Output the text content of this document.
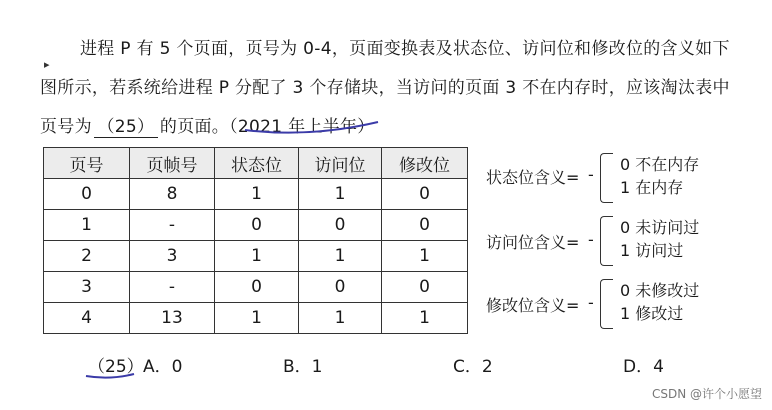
进程 P 有 5 个页面，页号为 0-4，页面变换表及状态位、访问位和修改位的含义如下
图所示，若系统给进程 P 分配了 3 个存储块，当访问的页面 3 不在内存时，应该淘汰表中
页号为 （25） 的页面。（2021 年上半年）
▸
页号	页帧号	状态位	访问位	修改位
0	8	1	1	0
1	-	0	0	0
2	3	1	1	1
3	-	0	0	0
4	13	1	1	1
状态位含义= -
0 不在内存
1 在内存
访问位含义= -
0 未访问过
1 访问过
修改位含义= -
0 未修改过
1 修改过
（25） A．0	B．1	C．2	D．4
CSDN @许个小愿望
